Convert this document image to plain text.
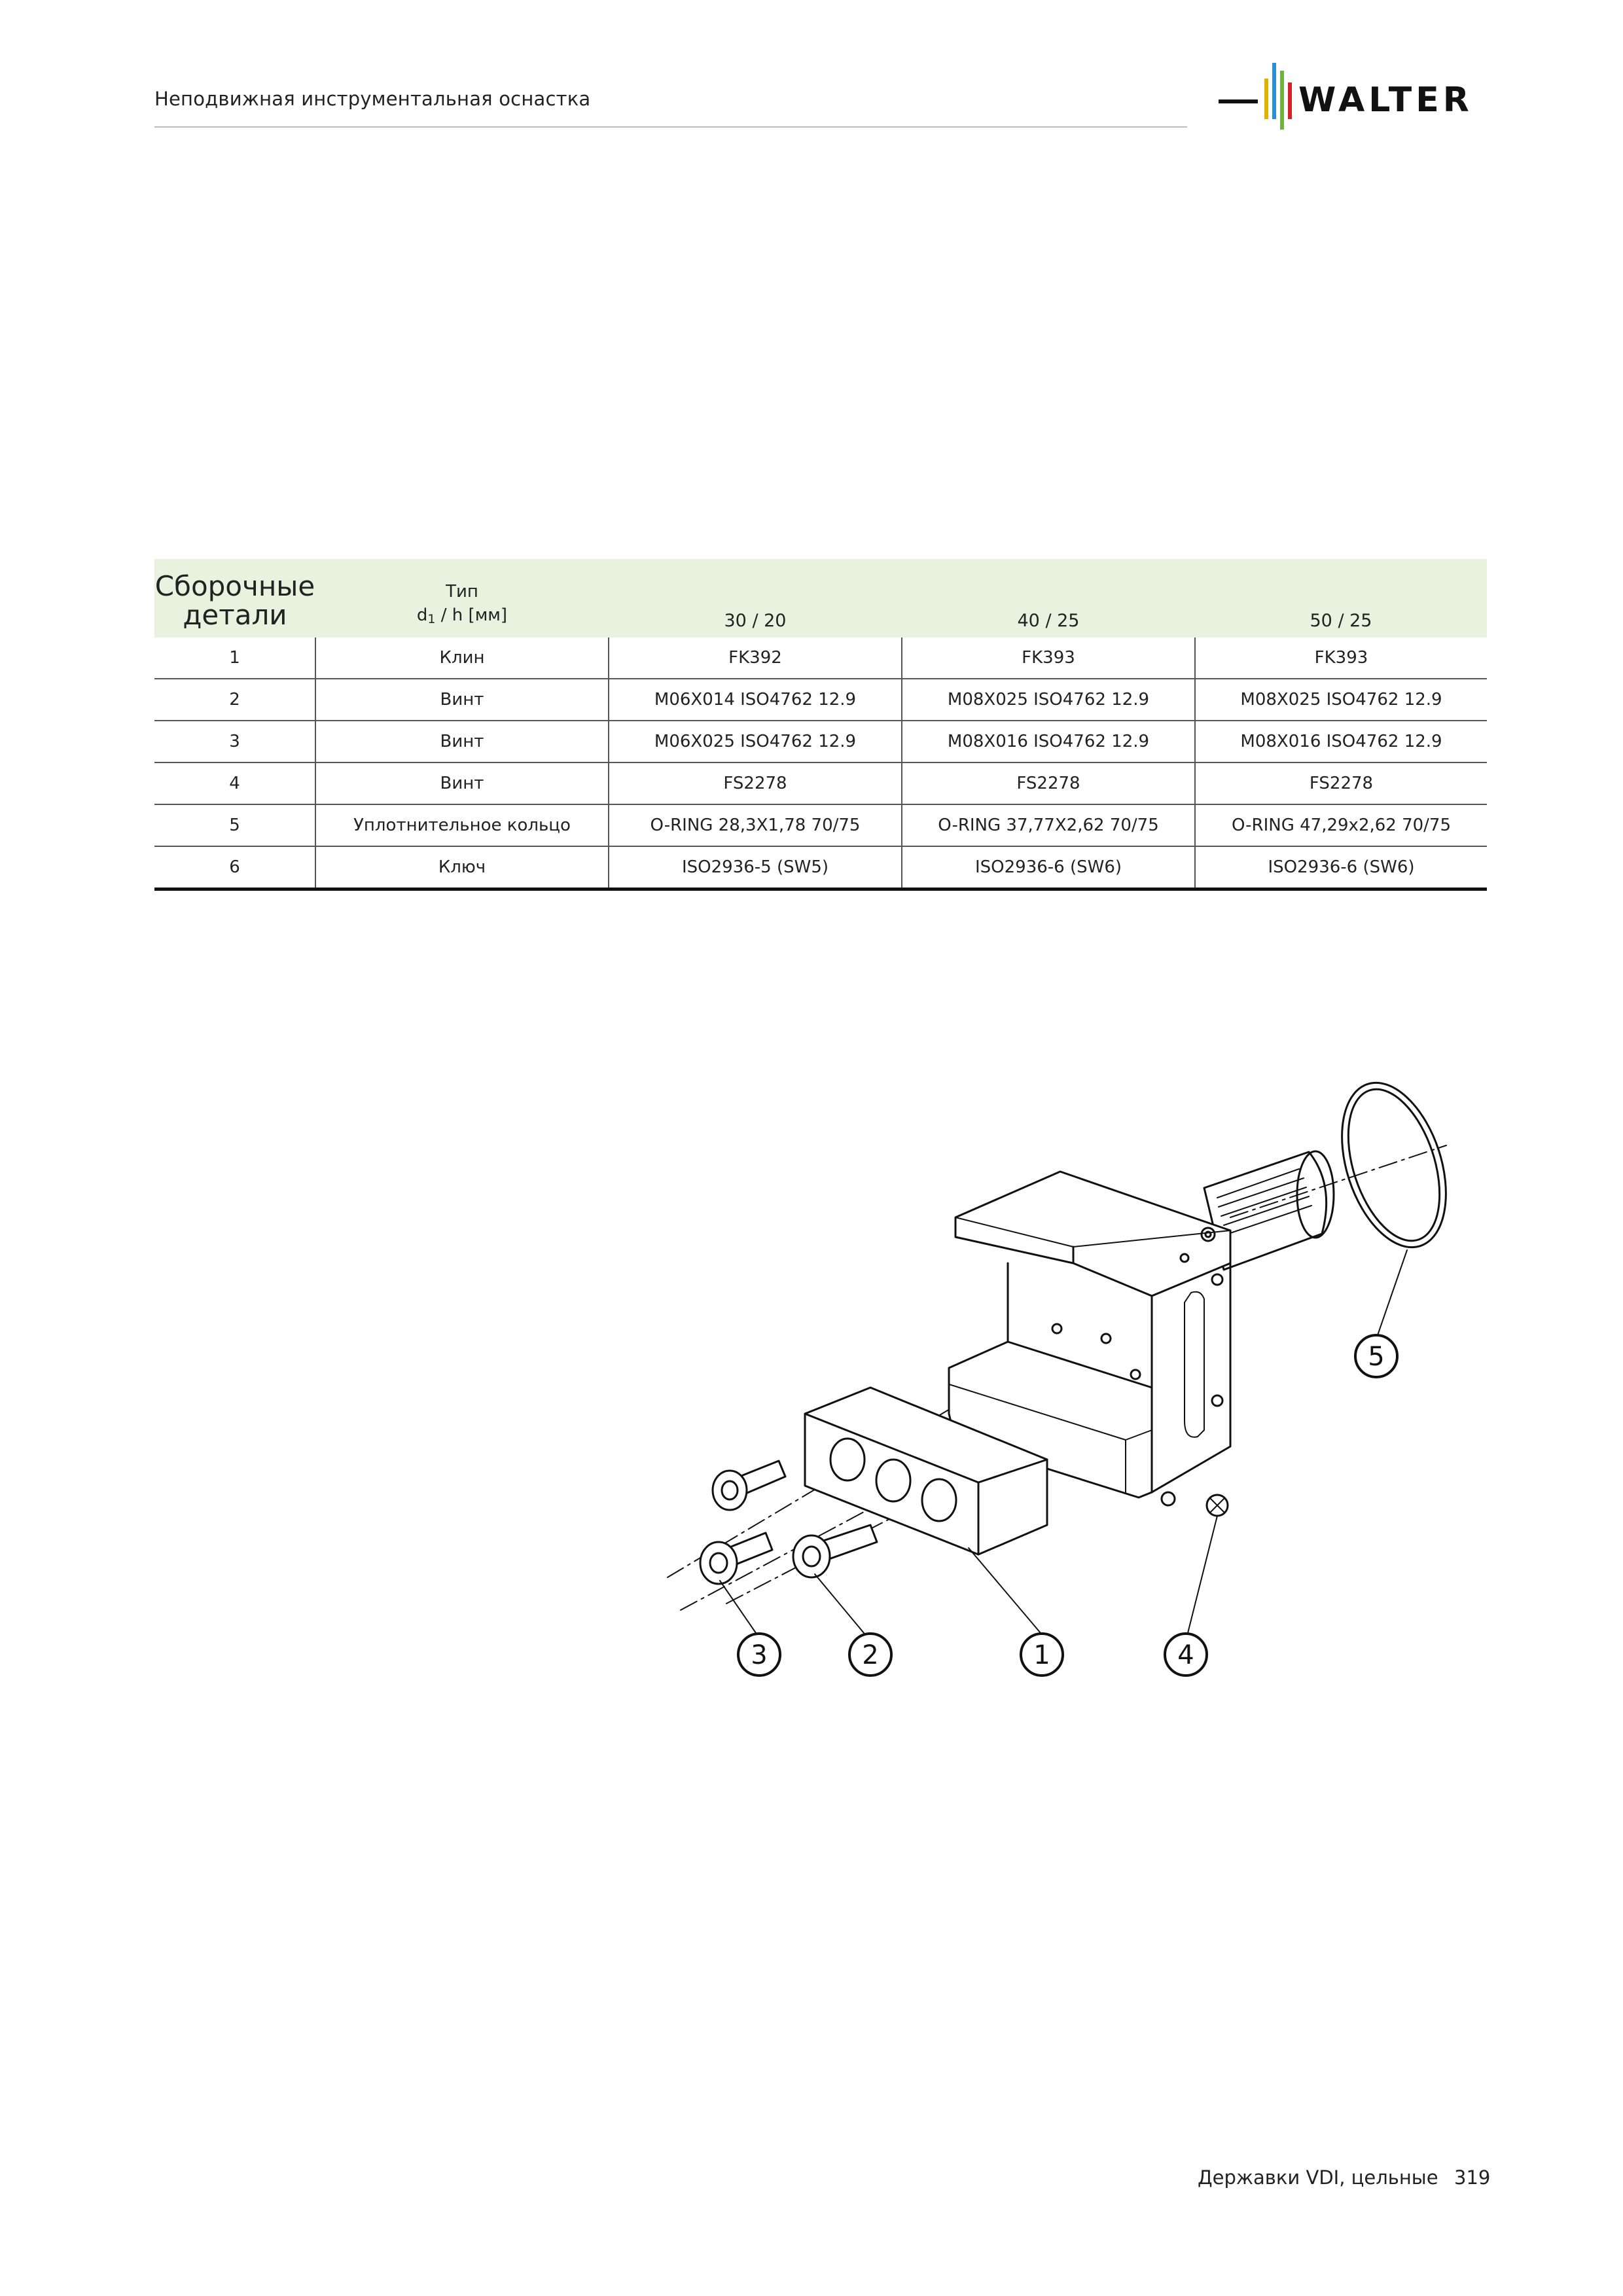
Неподвижная инструментальная оснастка	WALTER
Сборочные детали	Тип
$d_1$ / h [мм]	30 / 20	40 / 25	50 / 25
1	Клин	FK392	FK393	FK393
2	Винт	M06X014 ISO4762 12.9	M08X025 ISO4762 12.9	M08X025 ISO4762 12.9
3	Винт	M06X025 ISO4762 12.9	M08X016 ISO4762 12.9	M08X016 ISO4762 12.9
4	Винт	FS2278	FS2278	FS2278
5	Уплотнительное кольцо	O-RING 28,3X1,78 70/75	O-RING 37,77X2,62 70/75	O-RING 47,29x2,62 70/75
6	Ключ	ISO2936-5 (SW5)	ISO2936-6 (SW6)	ISO2936-6 (SW6)
5
3	2	1	4
Державки VDI, цельные 319
